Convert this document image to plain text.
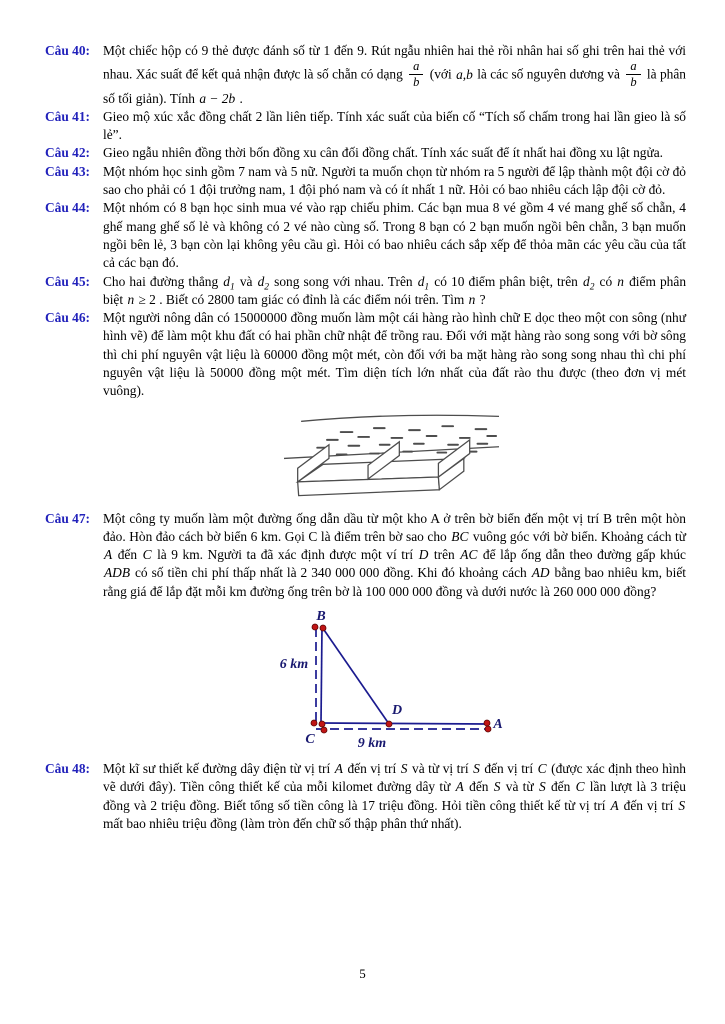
Câu 40: Một chiếc hộp có 9 thẻ được đánh số từ 1 đến 9. Rút ngẫu nhiên hai thẻ rồi nhân hai số ghi trên hai thẻ với nhau. Xác suất để kết quả nhận được là số chẵn có dạng $\frac{a}{b}$ (với a,b là các số nguyên dương và $\frac{a}{b}$ là phân số tối giản). Tính a − 2b .
Câu 41: Gieo mộ xúc xắc đồng chất 2 lần liên tiếp. Tính xác suất của biến cố “Tích số chấm trong hai lần gieo là số lẻ”.
Câu 42: Gieo ngẫu nhiên đồng thời bốn đồng xu cân đối đồng chất. Tính xác suất để ít nhất hai đồng xu lật ngửa.
Câu 43: Một nhóm học sinh gồm 7 nam và 5 nữ. Người ta muốn chọn từ nhóm ra 5 người để lập thành một đội cờ đỏ sao cho phải có 1 đội trưởng nam, 1 đội phó nam và có ít nhất 1 nữ. Hỏi có bao nhiêu cách lập đội cờ đỏ.
Câu 44: Một nhóm có 8 bạn học sinh mua vé vào rạp chiếu phim. Các bạn mua 8 vé gồm 4 vé mang ghế số chẵn, 4 ghế mang ghế số lẻ và không có 2 vé nào cùng số. Trong 8 bạn có 2 bạn muốn ngồi bên chẵn, 3 bạn muốn ngồi bên lẻ, 3 bạn còn lại không yêu cầu gì. Hỏi có bao nhiêu cách sắp xếp để thỏa mãn các yêu cầu của tất cả các bạn đó.
Câu 45: Cho hai đường thẳng $d_1$ và $d_2$ song song với nhau. Trên $d_1$ có 10 điểm phân biệt, trên $d_2$ có n điểm phân biệt n ≥ 2 . Biết có 2800 tam giác có đỉnh là các điểm nói trên. Tìm n ?
Câu 46: Một người nông dân có 15000000 đồng muốn làm một cái hàng rào hình chữ E dọc theo một con sông (như hình vẽ) để làm một khu đất có hai phần chữ nhật để trồng rau. Đối với mặt hàng rào song song với bờ sông thì chi phí nguyên vật liệu là 60000 đồng một mét, còn đối với ba mặt hàng rào song song nhau thì chi phí nguyên vật liệu là 50000 đồng một mét. Tìm diện tích lớn nhất của đất rào thu được (theo đơn vị mét vuông).
Câu 47: Một công ty muốn làm một đường ống dẫn dầu từ một kho A ở trên bờ biển đến một vị trí B trên một hòn đảo. Hòn đảo cách bờ biển 6 km. Gọi C là điểm trên bờ sao cho BC vuông góc với bờ biển. Khoảng cách từ A đến C là 9 km. Người ta đã xác định được một ví trí D trên AC để lắp ống dẫn theo đường gấp khúc ADB có số tiền chi phí thấp nhất là 2 340 000 000 đồng. Khi đó khoảng cách AD bằng bao nhiêu km, biết rằng giá để lắp đặt mỗi km đường ống trên bờ là 100 000 000 đồng và dưới nước là 260 000 000 đồng?
B
C
D
A
6 km
9 km
Câu 48: Một kĩ sư thiết kế đường dây điện từ vị trí A đến vị trí S và từ vị trí S đến vị trí C (được xác định theo hình vẽ dưới đây). Tiền công thiết kế của mỗi kilomet đường dây từ A đến S và từ S đến C lần lượt là 3 triệu đồng và 2 triệu đồng. Biết tổng số tiền công là 17 triệu đồng. Hỏi tiền công thiết kế từ vị trí A đến vị trí S mất bao nhiêu triệu đồng (làm tròn đến chữ số thập phân thứ nhất).
5
